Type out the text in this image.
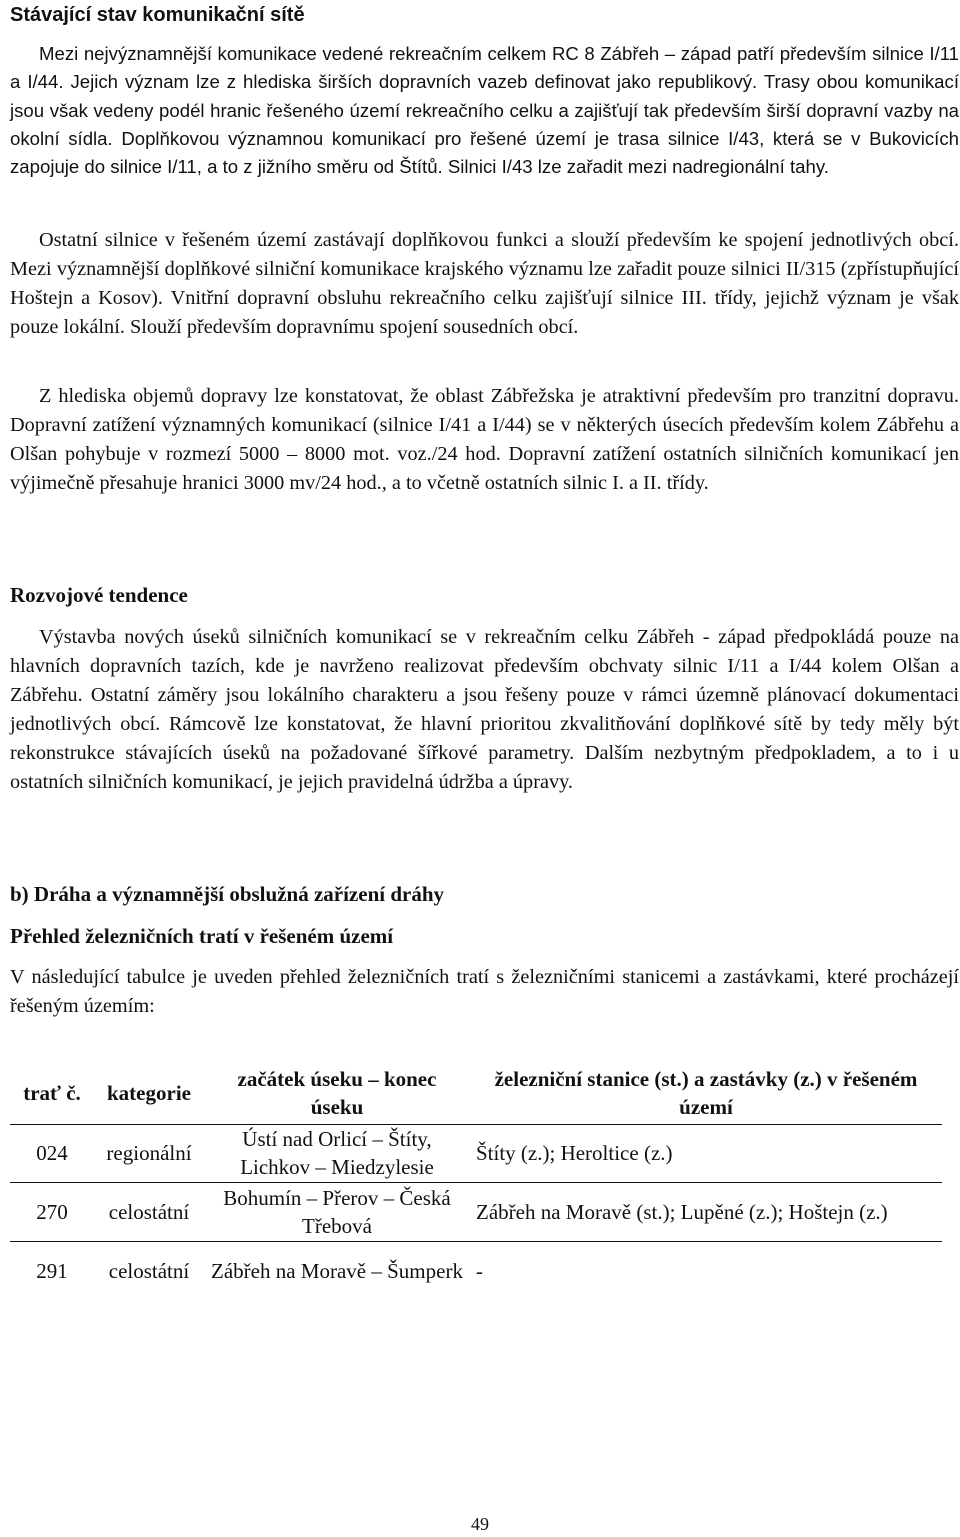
Stávající stav komunikační sítě

Mezi nejvýznamnější komunikace vedené rekreačním celkem RC 8 Zábřeh – západ patří především silnice I/11 a I/44. Jejich význam lze z hlediska širších dopravních vazeb definovat jako republikový. Trasy obou komunikací jsou však vedeny podél hranic řešeného území rekreačního celku a zajišťují tak především širší dopravní vazby na okolní sídla. Doplňkovou významnou komunikací pro řešené území je trasa silnice I/43, která se v Bukovicích zapojuje do silnice I/11, a to z jižního směru od Štítů. Silnici I/43 lze zařadit mezi nadregionální tahy.

Ostatní silnice v řešeném území zastávají doplňkovou funkci a slouží především ke spojení jednotlivých obcí. Mezi významnější doplňkové silniční komunikace krajského významu lze zařadit pouze silnici II/315 (zpřístupňující Hoštejn a Kosov). Vnitřní dopravní obsluhu rekreačního celku zajišťují silnice III. třídy, jejichž význam je však pouze lokální. Slouží především dopravnímu spojení sousedních obcí.

Z hlediska objemů dopravy lze konstatovat, že oblast Zábřežska je atraktivní především pro tranzitní dopravu. Dopravní zatížení významných komunikací (silnice I/41 a I/44) se v některých úsecích především kolem Zábřehu a Olšan pohybuje v rozmezí 5000 – 8000 mot. voz./24 hod. Dopravní zatížení ostatních silničních komunikací jen výjimečně přesahuje hranici 3000 mv/24 hod., a to včetně ostatních silnic I. a II. třídy.

Rozvojové tendence

Výstavba nových úseků silničních komunikací se v rekreačním celku Zábřeh - západ předpokládá pouze na hlavních dopravních tazích, kde je navrženo realizovat především obchvaty silnic I/11 a I/44 kolem Olšan a Zábřehu. Ostatní záměry jsou lokálního charakteru a jsou řešeny pouze v rámci územně plánovací dokumentaci jednotlivých obcí. Rámcově lze konstatovat, že hlavní prioritou zkvalitňování doplňkové sítě by tedy měly být rekonstrukce stávajících úseků na požadované šířkové parametry. Dalším nezbytným předpokladem, a to i u ostatních silničních komunikací, je jejich pravidelná údržba a úpravy.

b) Dráha a významnější obslužná zařízení dráhy
Přehled železničních tratí v řešeném území

V následující tabulce je uveden přehled železničních tratí s železničními stanicemi a zastávkami, které procházejí řešeným územím:

trať č.	kategorie	začátek úseku – konec úseku	železniční stanice (st.) a zastávky (z.) v řešeném území
024	regionální	Ústí nad Orlicí – Štíty, Lichkov – Miedzylesie	Štíty (z.); Heroltice (z.)
270	celostátní	Bohumín – Přerov – Česká Třebová	Zábřeh na Moravě (st.); Lupěné (z.); Hoštejn (z.)
291	celostátní	Zábřeh na Moravě – Šumperk	-
49
